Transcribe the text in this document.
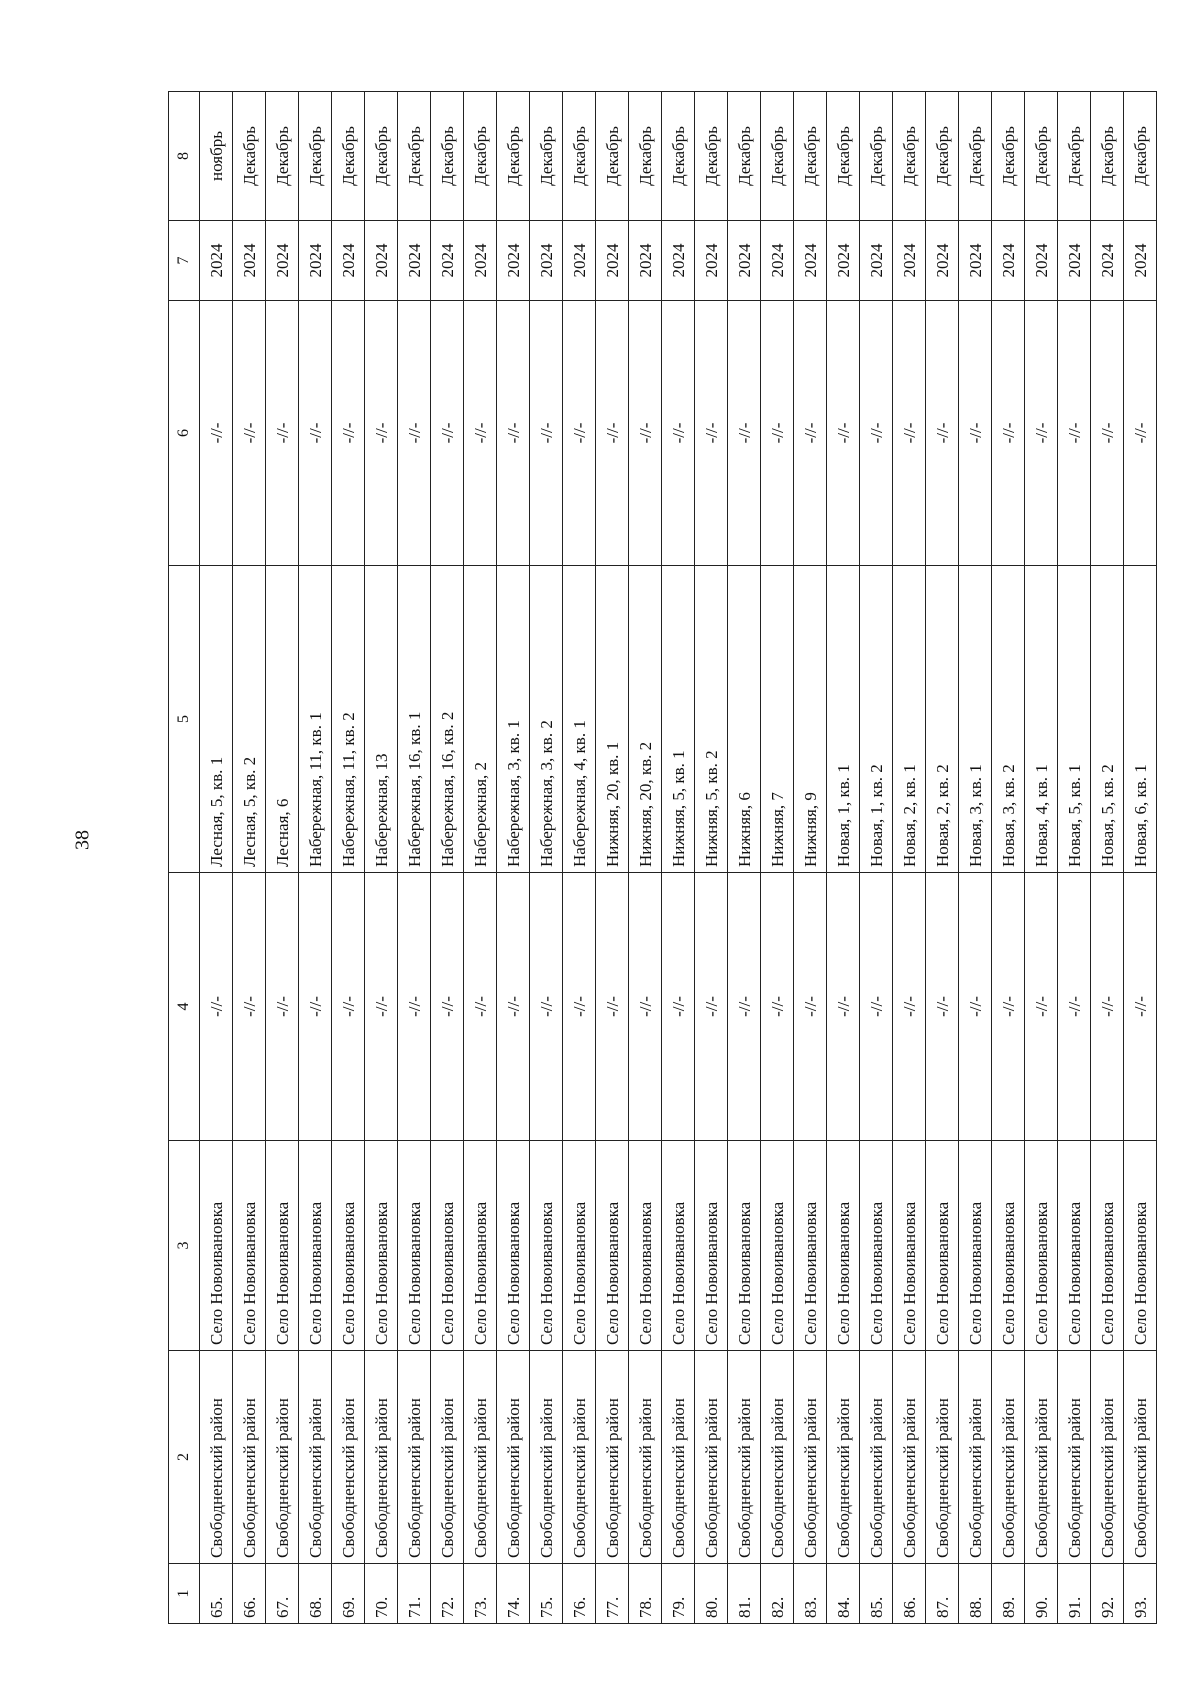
38
1	2	3	4	5	6	7	8
65.	Свободненский район	Село Новоивановка	-//-	Лесная, 5, кв. 1	-//-	2024	ноябрь
66.	Свободненский район	Село Новоивановка	-//-	Лесная, 5, кв. 2	-//-	2024	Декабрь
67.	Свободненский район	Село Новоивановка	-//-	Лесная, 6	-//-	2024	Декабрь
68.	Свободненский район	Село Новоивановка	-//-	Набережная, 11, кв. 1	-//-	2024	Декабрь
69.	Свободненский район	Село Новоивановка	-//-	Набережная, 11, кв. 2	-//-	2024	Декабрь
70.	Свободненский район	Село Новоивановка	-//-	Набережная, 13	-//-	2024	Декабрь
71.	Свободненский район	Село Новоивановка	-//-	Набережная, 16, кв. 1	-//-	2024	Декабрь
72.	Свободненский район	Село Новоивановка	-//-	Набережная, 16, кв. 2	-//-	2024	Декабрь
73.	Свободненский район	Село Новоивановка	-//-	Набережная, 2	-//-	2024	Декабрь
74.	Свободненский район	Село Новоивановка	-//-	Набережная, 3, кв. 1	-//-	2024	Декабрь
75.	Свободненский район	Село Новоивановка	-//-	Набережная, 3, кв. 2	-//-	2024	Декабрь
76.	Свободненский район	Село Новоивановка	-//-	Набережная, 4, кв. 1	-//-	2024	Декабрь
77.	Свободненский район	Село Новоивановка	-//-	Нижняя, 20, кв. 1	-//-	2024	Декабрь
78.	Свободненский район	Село Новоивановка	-//-	Нижняя, 20, кв. 2	-//-	2024	Декабрь
79.	Свободненский район	Село Новоивановка	-//-	Нижняя, 5, кв. 1	-//-	2024	Декабрь
80.	Свободненский район	Село Новоивановка	-//-	Нижняя, 5, кв. 2	-//-	2024	Декабрь
81.	Свободненский район	Село Новоивановка	-//-	Нижняя, 6	-//-	2024	Декабрь
82.	Свободненский район	Село Новоивановка	-//-	Нижняя, 7	-//-	2024	Декабрь
83.	Свободненский район	Село Новоивановка	-//-	Нижняя, 9	-//-	2024	Декабрь
84.	Свободненский район	Село Новоивановка	-//-	Новая, 1, кв. 1	-//-	2024	Декабрь
85.	Свободненский район	Село Новоивановка	-//-	Новая, 1, кв. 2	-//-	2024	Декабрь
86.	Свободненский район	Село Новоивановка	-//-	Новая, 2, кв. 1	-//-	2024	Декабрь
87.	Свободненский район	Село Новоивановка	-//-	Новая, 2, кв. 2	-//-	2024	Декабрь
88.	Свободненский район	Село Новоивановка	-//-	Новая, 3, кв. 1	-//-	2024	Декабрь
89.	Свободненский район	Село Новоивановка	-//-	Новая, 3, кв. 2	-//-	2024	Декабрь
90.	Свободненский район	Село Новоивановка	-//-	Новая, 4, кв. 1	-//-	2024	Декабрь
91.	Свободненский район	Село Новоивановка	-//-	Новая, 5, кв. 1	-//-	2024	Декабрь
92.	Свободненский район	Село Новоивановка	-//-	Новая, 5, кв. 2	-//-	2024	Декабрь
93.	Свободненский район	Село Новоивановка	-//-	Новая, 6, кв. 1	-//-	2024	Декабрь
